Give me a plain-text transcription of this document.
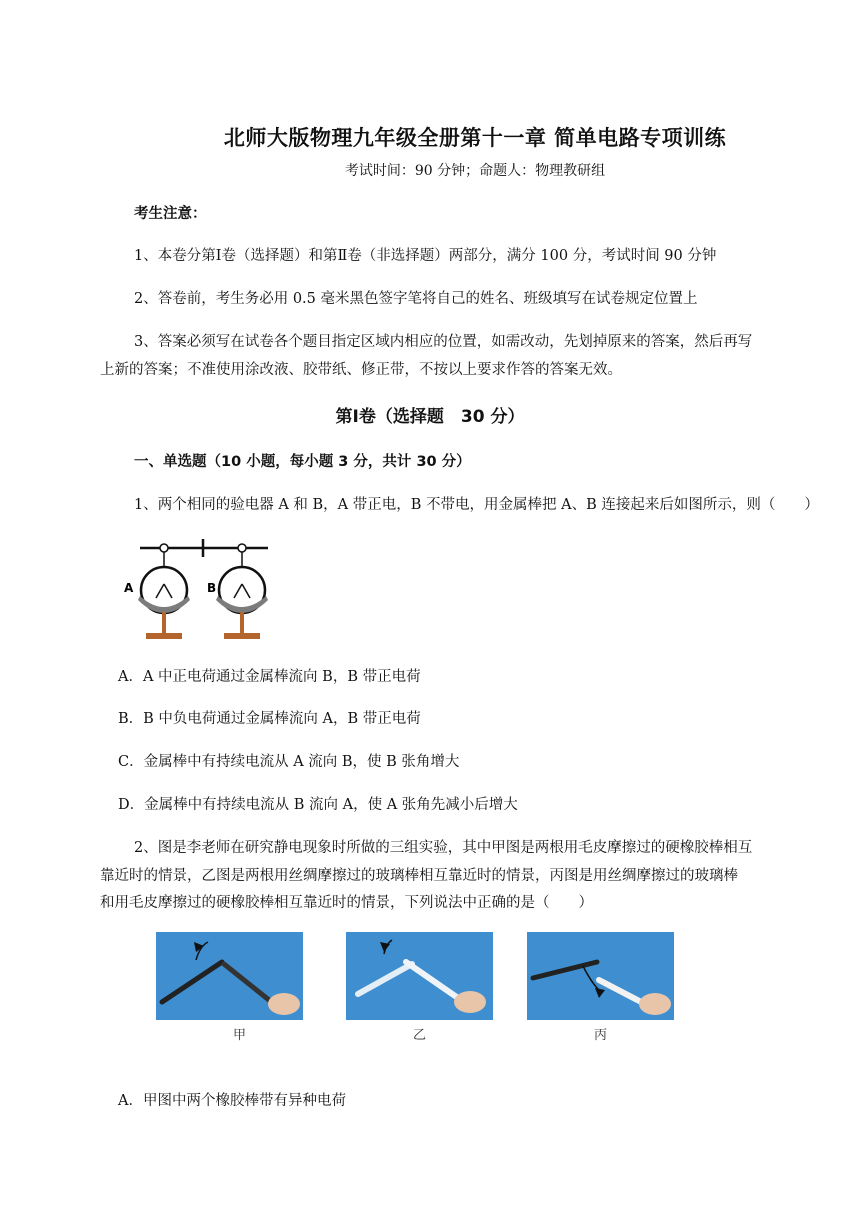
北师大版物理九年级全册第十一章 简单电路专项训练
考试时间：90 分钟；命题人：物理教研组
考生注意：
1、本卷分第Ⅰ卷（选择题）和第Ⅱ卷（非选择题）两部分，满分 100 分，考试时间 90 分钟
2、答卷前，考生务必用 0.5 毫米黑色签字笔将自己的姓名、班级填写在试卷规定位置上
3、答案必须写在试卷各个题目指定区域内相应的位置，如需改动，先划掉原来的答案，然后再写
上新的答案；不准使用涂改液、胶带纸、修正带，不按以上要求作答的答案无效。
第Ⅰ卷（选择题　30 分）
一、单选题（10 小题，每小题 3 分，共计 30 分）
1、两个相同的验电器 A 和 B，A 带正电，B 不带电，用金属棒把 A、B 连接起来后如图所示，则（　　）
A	B
A．A 中正电荷通过金属棒流向 B，B 带正电荷
B．B 中负电荷通过金属棒流向 A，B 带正电荷
C．金属棒中有持续电流从 A 流向 B，使 B 张角增大
D．金属棒中有持续电流从 B 流向 A，使 A 张角先减小后增大
2、图是李老师在研究静电现象时所做的三组实验，其中甲图是两根用毛皮摩擦过的硬橡胶棒相互
靠近时的情景，乙图是两根用丝绸摩擦过的玻璃棒相互靠近时的情景，丙图是用丝绸摩擦过的玻璃棒
和用毛皮摩擦过的硬橡胶棒相互靠近时的情景，下列说法中正确的是（　　）
甲	乙	丙
A．甲图中两个橡胶棒带有异种电荷
